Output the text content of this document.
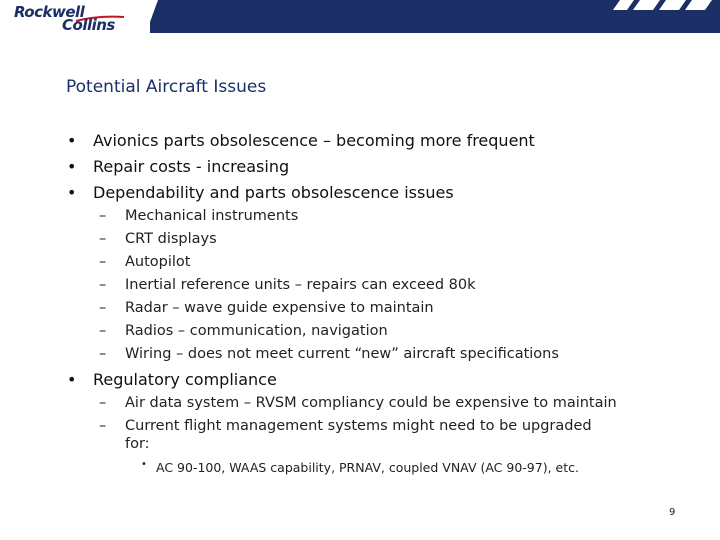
Rockwell
Collins
Potential Aircraft Issues
• Avionics parts obsolescence – becoming more frequent
• Repair costs - increasing
• Dependability and parts obsolescence issues
– Mechanical instruments
– CRT displays
– Autopilot
– Inertial reference units – repairs can exceed 80k
– Radar – wave guide expensive to maintain
– Radios – communication, navigation
– Wiring – does not meet current “new” aircraft specifications
• Regulatory compliance
– Air data system – RVSM compliancy could be expensive to maintain
– Current flight management systems might need to be upgraded
for:
• AC 90-100, WAAS capability, PRNAV, coupled VNAV (AC 90-97), etc.
9
